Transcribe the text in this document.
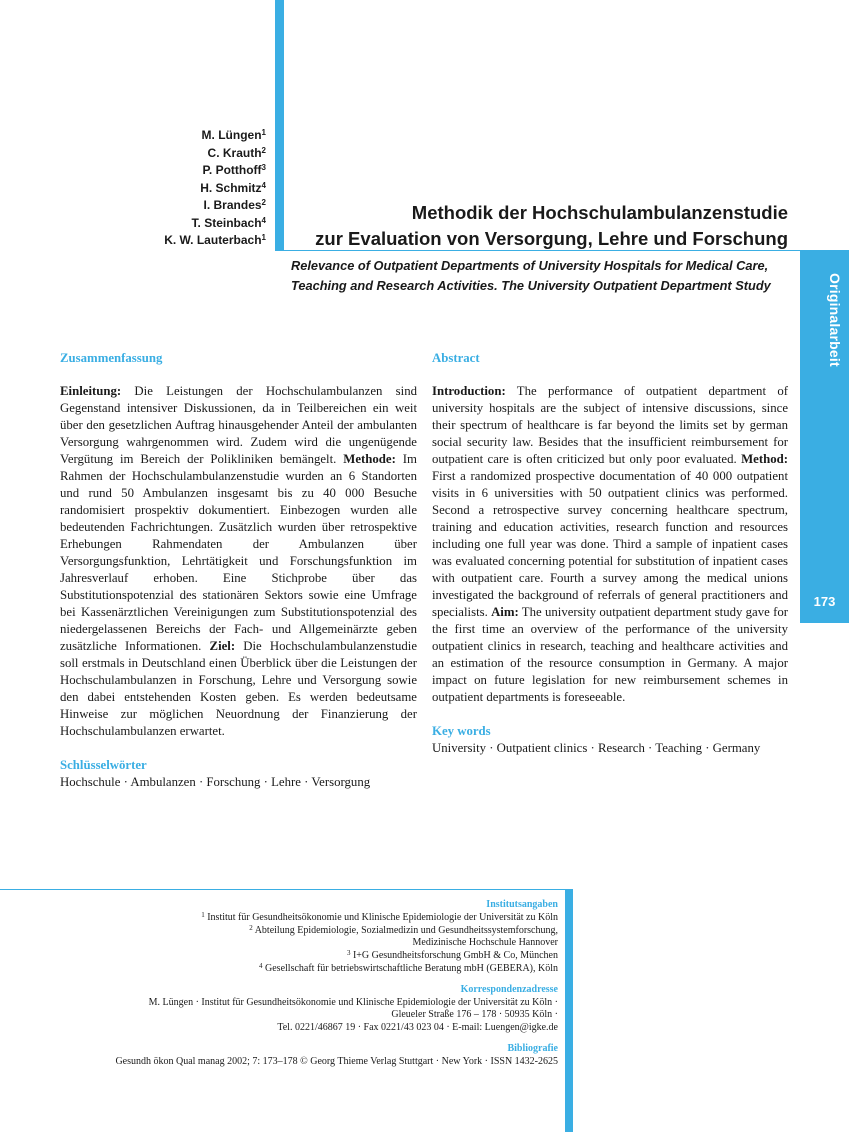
Originalarbeit
173
M. Lüngen$^1$
C. Krauth$^2$
P. Potthoff$^3$
H. Schmitz$^4$
I. Brandes$^2$
T. Steinbach$^4$
K. W. Lauterbach$^1$
Methodik der Hochschulambulanzenstudie
zur Evaluation von Versorgung, Lehre und Forschung
Relevance of Outpatient Departments of University Hospitals for Medical Care, Teaching and Research Activities. The University Outpatient Department Study
Zusammenfassung

Einleitung: Die Leistungen der Hochschulambulanzen sind Gegenstand intensiver Diskussionen, da in Teilbereichen ein weit über den gesetzlichen Auftrag hinausgehender Anteil der ambulanten Versorgung wahrgenommen wird. Zudem wird die ungenügende Vergütung im Bereich der Polikliniken bemängelt. Methode: Im Rahmen der Hochschulambulanzenstudie wurden an 6 Standorten und rund 50 Ambulanzen insgesamt bis zu 40 000 Besuche randomisiert prospektiv dokumentiert. Einbezogen wurden alle bedeutenden Fachrichtungen. Zusätzlich wurden über retrospektive Erhebungen Rahmendaten der Ambulanzen über Versorgungsfunktion, Lehrtätigkeit und Forschungsfunktion im Jahresverlauf erhoben. Eine Stichprobe über das Substitutionspotenzial des stationären Sektors sowie eine Umfrage bei Kassenärztlichen Vereinigungen zum Substitutionspotenzial des niedergelassenen Bereichs der Fach- und Allgemeinärzte geben zusätzliche Informationen. Ziel: Die Hochschulambulanzenstudie soll erstmals in Deutschland einen Überblick über die Leistungen der Hochschulambulanzen in Forschung, Lehre und Versorgung sowie den dabei entstehenden Kosten geben. Es werden bedeutsame Hinweise zur möglichen Neuordnung der Finanzierung der Hochschulambulanzen erwartet.

Schlüsselwörter
Hochschule · Ambulanzen · Forschung · Lehre · Versorgung
Abstract

Introduction: The performance of outpatient department of university hospitals are the subject of intensive discussions, since their spectrum of healthcare is far beyond the limits set by german social security law. Besides that the insufficient reimbursement for outpatient care is often criticized but only poor evaluated. Method: First a randomized prospective documentation of 40 000 outpatient visits in 6 universities with 50 outpatient clinics was performed. Second a retrospective survey concerning healthcare spectrum, training and education activities, research function and resources including one full year was done. Third a sample of inpatient cases was evaluated concerning potential for substitution of inpatient cases with outpatient care. Fourth a survey among the medical unions investigated the background of referrals of general practitioners and specialists. Aim: The university outpatient department study gave for the first time an overview of the performance of the university outpatient clinics in research, teaching and healthcare activities and an estimation of the resource consumption in Germany. A major impact on future legislation for new reimbursement schemes in outpatient departments is foreseeable.

Key words
University · Outpatient clinics · Research · Teaching · Germany
Institutsangaben
$^1$ Institut für Gesundheitsökonomie und Klinische Epidemiologie der Universität zu Köln
$^2$ Abteilung Epidemiologie, Sozialmedizin und Gesundheitssystemforschung,
Medizinische Hochschule Hannover
$^3$ I+G Gesundheitsforschung GmbH & Co, München
$^4$ Gesellschaft für betriebswirtschaftliche Beratung mbH (GEBERA), Köln
Korrespondenzadresse
M. Lüngen · Institut für Gesundheitsökonomie und Klinische Epidemiologie der Universität zu Köln ·
Gleueler Straße 176 – 178 · 50935 Köln ·
Tel. 0221/46867 19 · Fax 0221/43 023 04 · E-mail: Luengen@igke.de
Bibliografie
Gesundh ökon Qual manag 2002; 7: 173–178 © Georg Thieme Verlag Stuttgart · New York · ISSN 1432-2625
